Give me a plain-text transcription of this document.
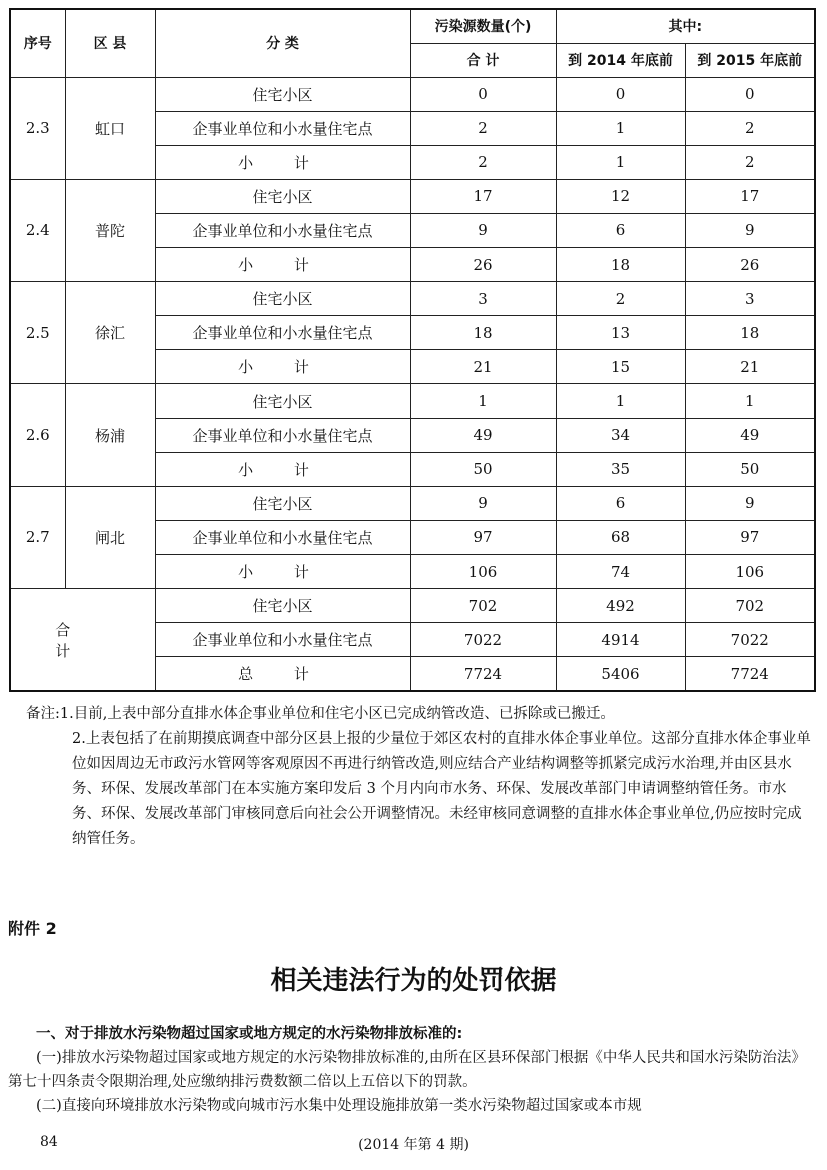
序号	区 县	分 类	污染源数量(个)	其中:	
			合 计	到 2014 年底前	到 2015 年底前
2.3	虹口	住宅小区	0	0	0
		企事业单位和小水量住宅点	2	1	2
		小 计	2	1	2
2.4	普陀	住宅小区	17	12	17
		企事业单位和小水量住宅点	9	6	9
		小 计	26	18	26
2.5	徐汇	住宅小区	3	2	3
		企事业单位和小水量住宅点	18	13	18
		小 计	21	15	21
2.6	杨浦	住宅小区	1	1	1
		企事业单位和小水量住宅点	49	34	49
		小 计	50	35	50
2.7	闸北	住宅小区	9	6	9
		企事业单位和小水量住宅点	97	68	97
		小 计	106	74	106
合 计		住宅小区	702	492	702
		企事业单位和小水量住宅点	7022	4914	7022
		总 计	7724	5406	7724

备注:1.目前,上表中部分直排水体企事业单位和住宅小区已完成纳管改造、已拆除或已搬迁。

2.上表包括了在前期摸底调查中部分区县上报的少量位于郊区农村的直排水体企事业单位。这部分直排水体企事业单位如因周边无市政污水管网等客观原因不再进行纳管改造,则应结合产业结构调整等抓紧完成污水治理,并由区县水务、环保、发展改革部门在本实施方案印发后 3 个月内向市水务、环保、发展改革部门申请调整纳管任务。市水务、环保、发展改革部门审核同意后向社会公开调整情况。未经审核同意调整的直排水体企事业单位,仍应按时完成纳管任务。

附件 2
相关违法行为的处罚依据

一、对于排放水污染物超过国家或地方规定的水污染物排放标准的:

(一)排放水污染物超过国家或地方规定的水污染物排放标准的,由所在区县环保部门根据《中华人民共和国水污染防治法》第七十四条责令限期治理,处应缴纳排污费数额二倍以上五倍以下的罚款。

(二)直接向环境排放水污染物或向城市污水集中处理设施排放第一类水污染物超过国家或本市规

84	(2014 年第 4 期)
